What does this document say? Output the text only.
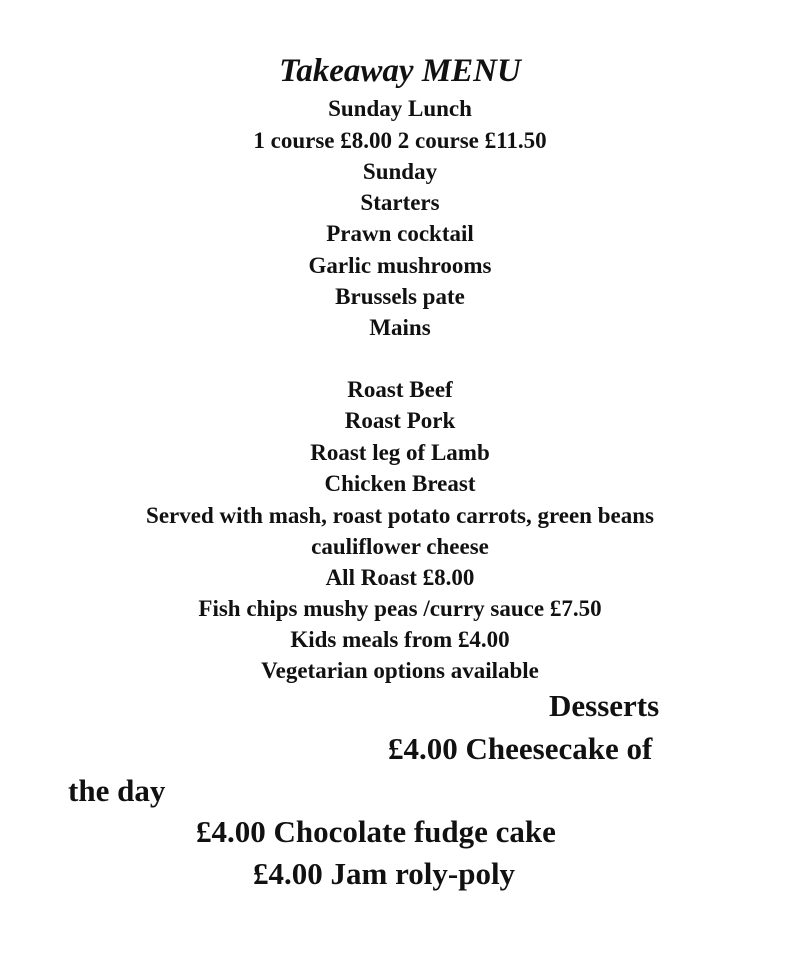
Takeaway MENU
Sunday Lunch
1 course £8.00 2 course £11.50
Sunday
Starters
Prawn cocktail
Garlic mushrooms
Brussels pate
Mains
Roast Beef
Roast Pork
Roast leg of Lamb
Chicken Breast
Served with mash, roast potato carrots, green beans
cauliflower cheese
All Roast £8.00
Fish chips mushy peas /curry sauce £7.50
Kids meals from £4.00
Vegetarian options available
Desserts
£4.00 Cheesecake of
the day
£4.00 Chocolate fudge cake
£4.00 Jam roly-poly
